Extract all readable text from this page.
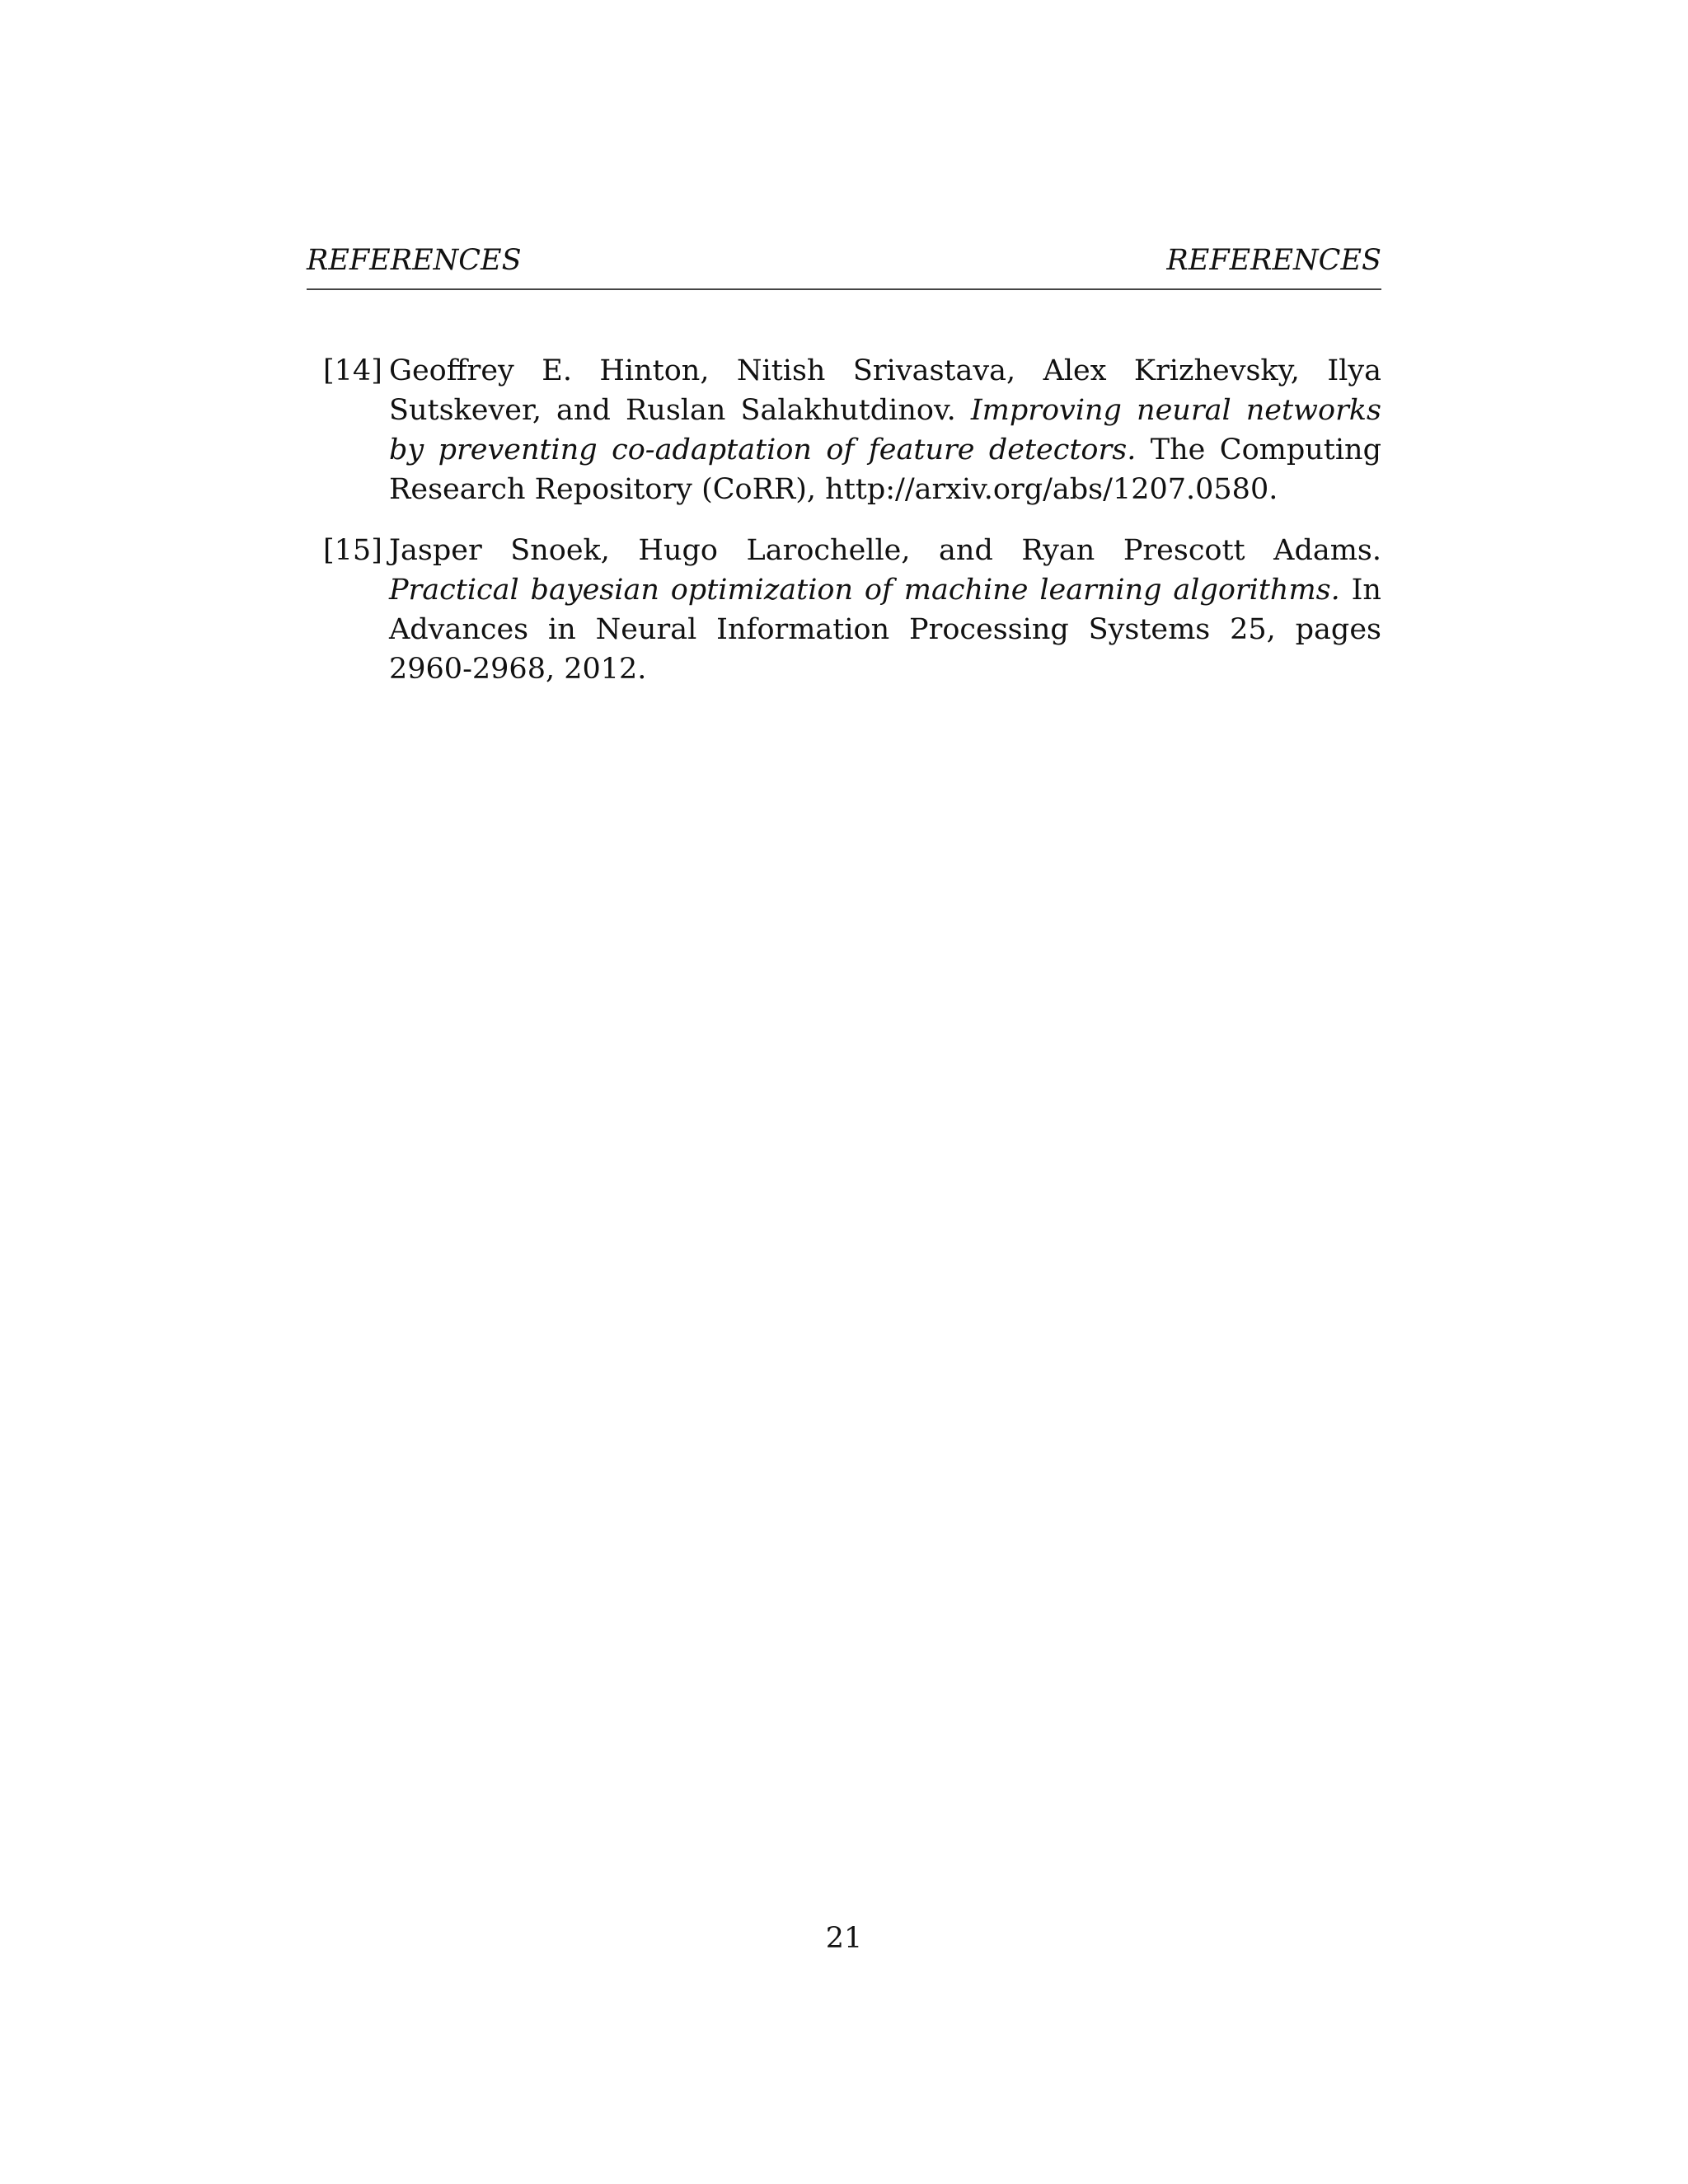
REFERENCES	REFERENCES
[14] Geoffrey E. Hinton, Nitish Srivastava, Alex Krizhevsky, Ilya Sutskever, and Ruslan Salakhutdinov. Improving neural networks by preventing co-adaptation of feature detectors. The Computing Research Repository (CoRR), http://arxiv.org/abs/1207.0580.
[15] Jasper Snoek, Hugo Larochelle, and Ryan Prescott Adams. Practical bayesian optimization of machine learning algorithms. In Advances in Neural Information Processing Systems 25, pages 2960-2968, 2012.
21
